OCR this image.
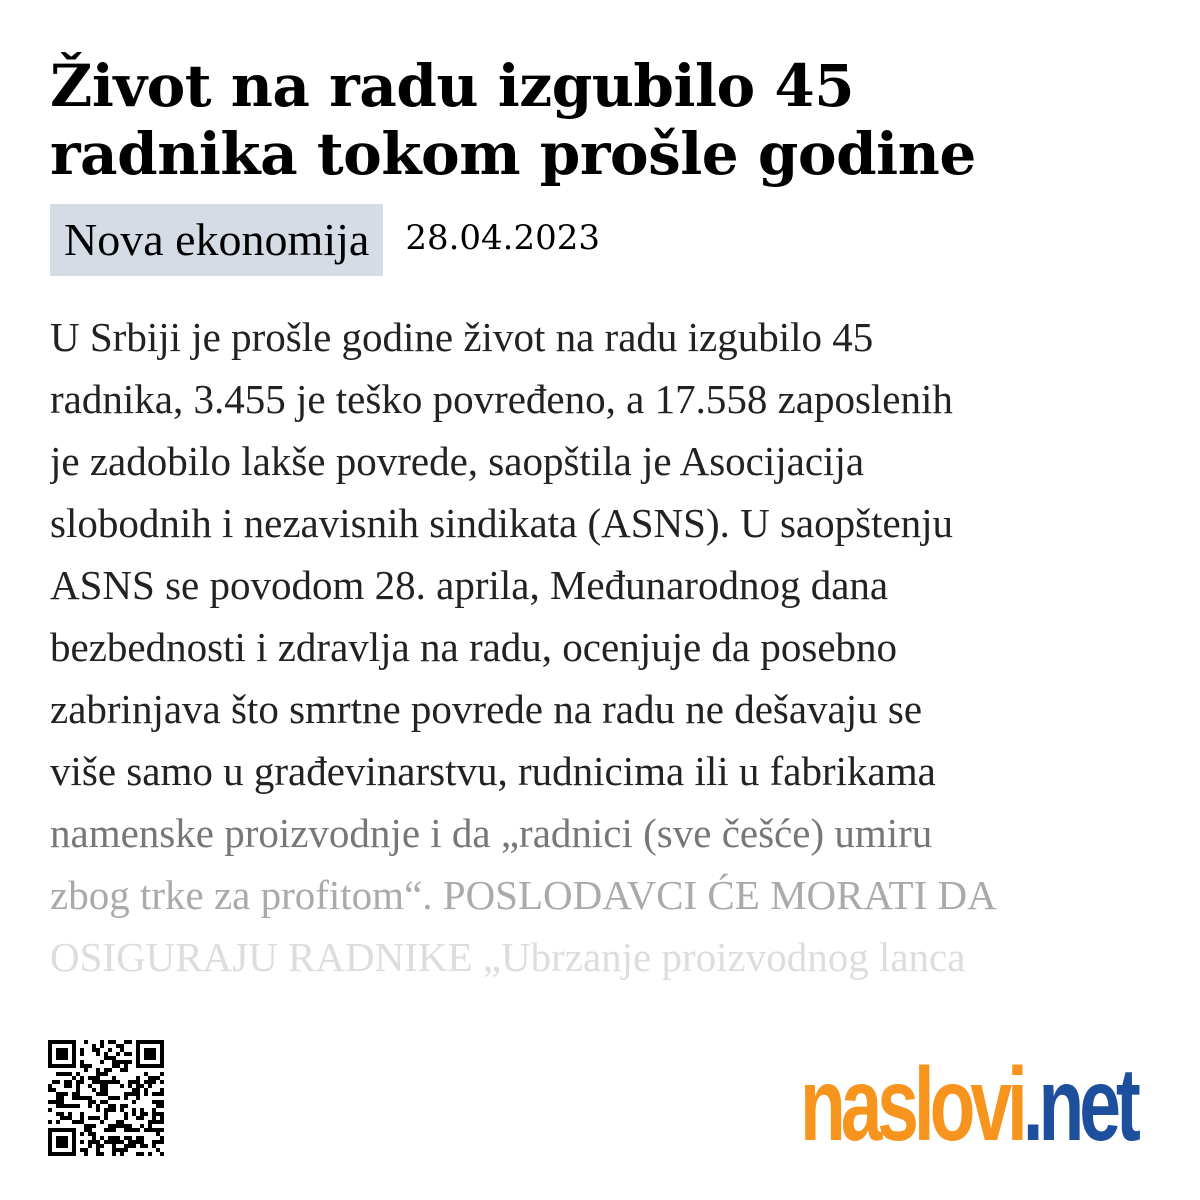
Život na radu izgubilo 45 radnika tokom prošle godine
Nova ekonomija	28.04.2023
U Srbiji je prošle godine život na radu izgubilo 45
radnika, 3.455 je teško povređeno, a 17.558 zaposlenih
je zadobilo lakše povrede, saopštila je Asocijacija
slobodnih i nezavisnih sindikata (ASNS). U saopštenju
ASNS se povodom 28. aprila, Međunarodnog dana
bezbednosti i zdravlja na radu, ocenjuje da posebno
zabrinjava što smrtne povrede na radu ne dešavaju se
više samo u građevinarstvu, rudnicima ili u fabrikama
namenske proizvodnje i da „radnici (sve češće) umiru
zbog trke za profitom“. POSLODAVCI ĆE MORATI DA
OSIGURAJU RADNIKE „Ubrzanje proizvodnog lanca
naslovi.net
